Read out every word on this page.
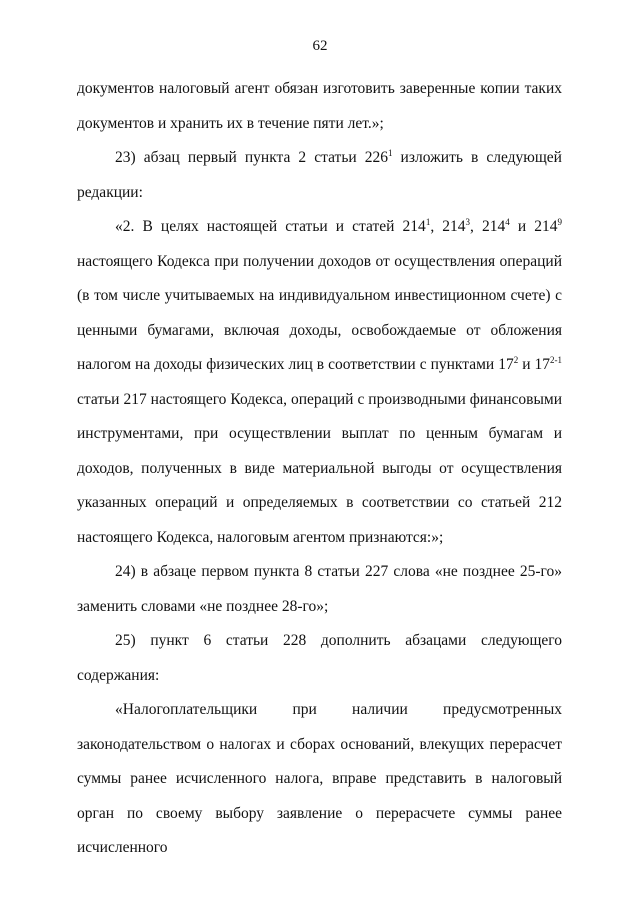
62

документов налоговый агент обязан изготовить заверенные копии таких документов и хранить их в течение пяти лет.»;

23) абзац первый пункта 2 статьи $226^1$ изложить в следующей редакции:

«2. В целях настоящей статьи и статей $214^1$, $214^3$, $214^4$ и $214^9$ настоящего Кодекса при получении доходов от осуществления операций (в том числе учитываемых на индивидуальном инвестиционном счете) с ценными бумагами, включая доходы, освобождаемые от обложения налогом на доходы физических лиц в соответствии с пунктами $17^2$ и 17$^{2-1}$ статьи 217 настоящего Кодекса, операций с производными финансовыми инструментами, при осуществлении выплат по ценным бумагам и доходов, полученных в виде материальной выгоды от осуществления указанных операций и определяемых в соответствии со статьей 212 настоящего Кодекса, налоговым агентом признаются:»;

24) в абзаце первом пункта 8 статьи 227 слова «не позднее 25-го» заменить словами «не позднее 28-го»;

25) пункт 6 статьи 228 дополнить абзацами следующего содержания:

«Налогоплательщики при наличии предусмотренных законодательством о налогах и сборах оснований, влекущих перерасчет суммы ранее исчисленного налога, вправе представить в налоговый орган по своему выбору заявление о перерасчете суммы ранее исчисленного
